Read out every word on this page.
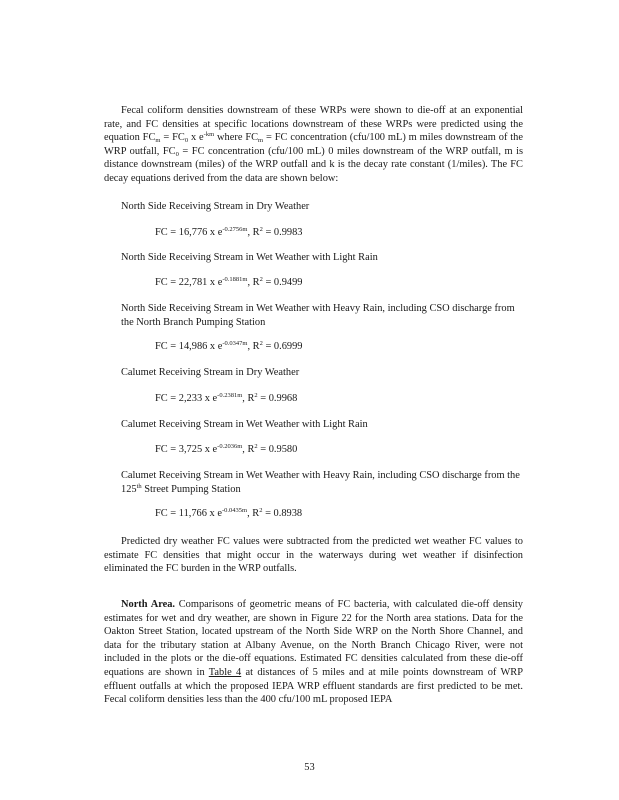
Fecal coliform densities downstream of these WRPs were shown to die-off at an exponential rate, and FC densities at specific locations downstream of these WRPs were predicted using the equation $FC_m = FC_0$ x $e^{-km}$ where $FC_m$ = FC concentration (cfu/100 mL) m miles downstream of the WRP outfall, $FC_0$ = FC concentration (cfu/100 mL) 0 miles downstream of the WRP outfall, m is distance downstream (miles) of the WRP outfall and k is the decay rate constant (1/miles). The FC decay equations derived from the data are shown below:

North Side Receiving Stream in Dry Weather

FC = 16,776 x $e^{-0.2756m}$, $R^2 = 0.9983$

North Side Receiving Stream in Wet Weather with Light Rain

FC = 22,781 x $e^{-0.1881m}$, $R^2 = 0.9499$

North Side Receiving Stream in Wet Weather with Heavy Rain, including CSO discharge from the North Branch Pumping Station

FC = 14,986 x $e^{-0.0347m}$, $R^2 = 0.6999$

Calumet Receiving Stream in Dry Weather

FC = 2,233 x $e^{-0.2381m}$, $R^2 = 0.9968$

Calumet Receiving Stream in Wet Weather with Light Rain

FC = 3,725 x $e^{-0.2036m}$, $R^2 = 0.9580$

Calumet Receiving Stream in Wet Weather with Heavy Rain, including CSO discharge from the 125th Street Pumping Station

FC = 11,766 x $e^{-0.0435m}$, $R^2 = 0.8938$

Predicted dry weather FC values were subtracted from the predicted wet weather FC values to estimate FC densities that might occur in the waterways during wet weather if disinfection eliminated the FC burden in the WRP outfalls.

North Area. Comparisons of geometric means of FC bacteria, with calculated die-off density estimates for wet and dry weather, are shown in Figure 22 for the North area stations. Data for the Oakton Street Station, located upstream of the North Side WRP on the North Shore Channel, and data for the tributary station at Albany Avenue, on the North Branch Chicago River, were not included in the plots or the die-off equations. Estimated FC densities calculated from these die-off equations are shown in Table 4 at distances of 5 miles and at mile points downstream of WRP effluent outfalls at which the proposed IEPA WRP effluent standards are first predicted to be met. Fecal coliform densities less than the 400 cfu/100 mL proposed IEPA

53
